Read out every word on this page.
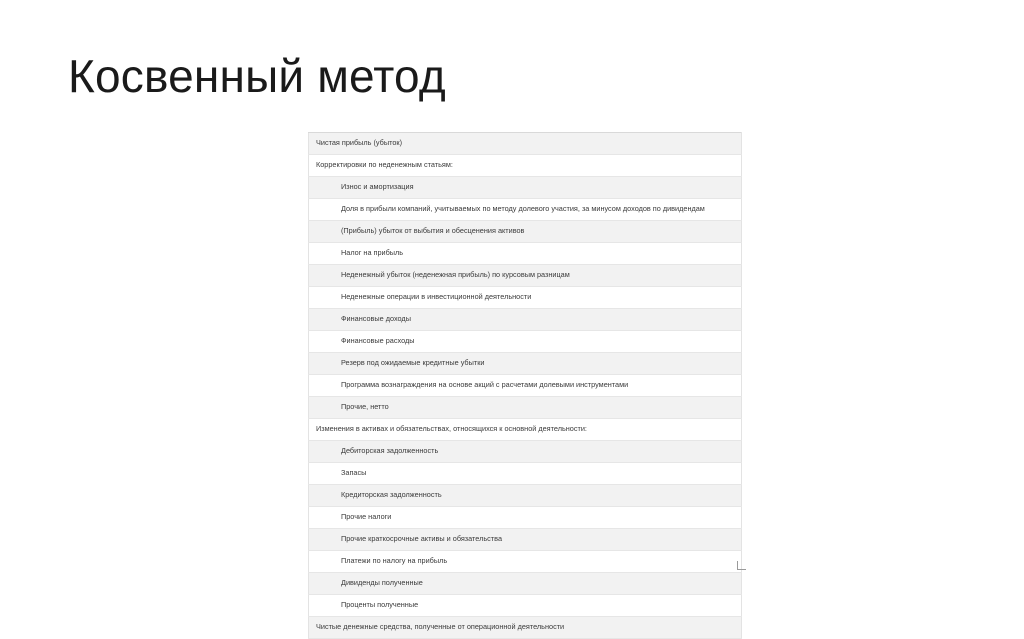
Косвенный метод
Чистая прибыль (убыток)
Корректировки по неденежным статьям:
Износ и амортизация
Доля в прибыли компаний, учитываемых по методу долевого участия, за минусом доходов по дивидендам
(Прибыль) убыток от выбытия и обесценения активов
Налог на прибыль
Неденежный убыток (неденежная прибыль) по курсовым разницам
Неденежные операции в инвестиционной деятельности
Финансовые доходы
Финансовые расходы
Резерв под ожидаемые кредитные убытки
Программа вознаграждения на основе акций с расчетами долевыми инструментами
Прочие, нетто
Изменения в активах и обязательствах, относящихся к основной деятельности:
Дебиторская задолженность
Запасы
Кредиторская задолженность
Прочие налоги
Прочие краткосрочные активы и обязательства
Платежи по налогу на прибыль
Дивиденды полученные
Проценты полученные
Чистые денежные средства, полученные от операционной деятельности
